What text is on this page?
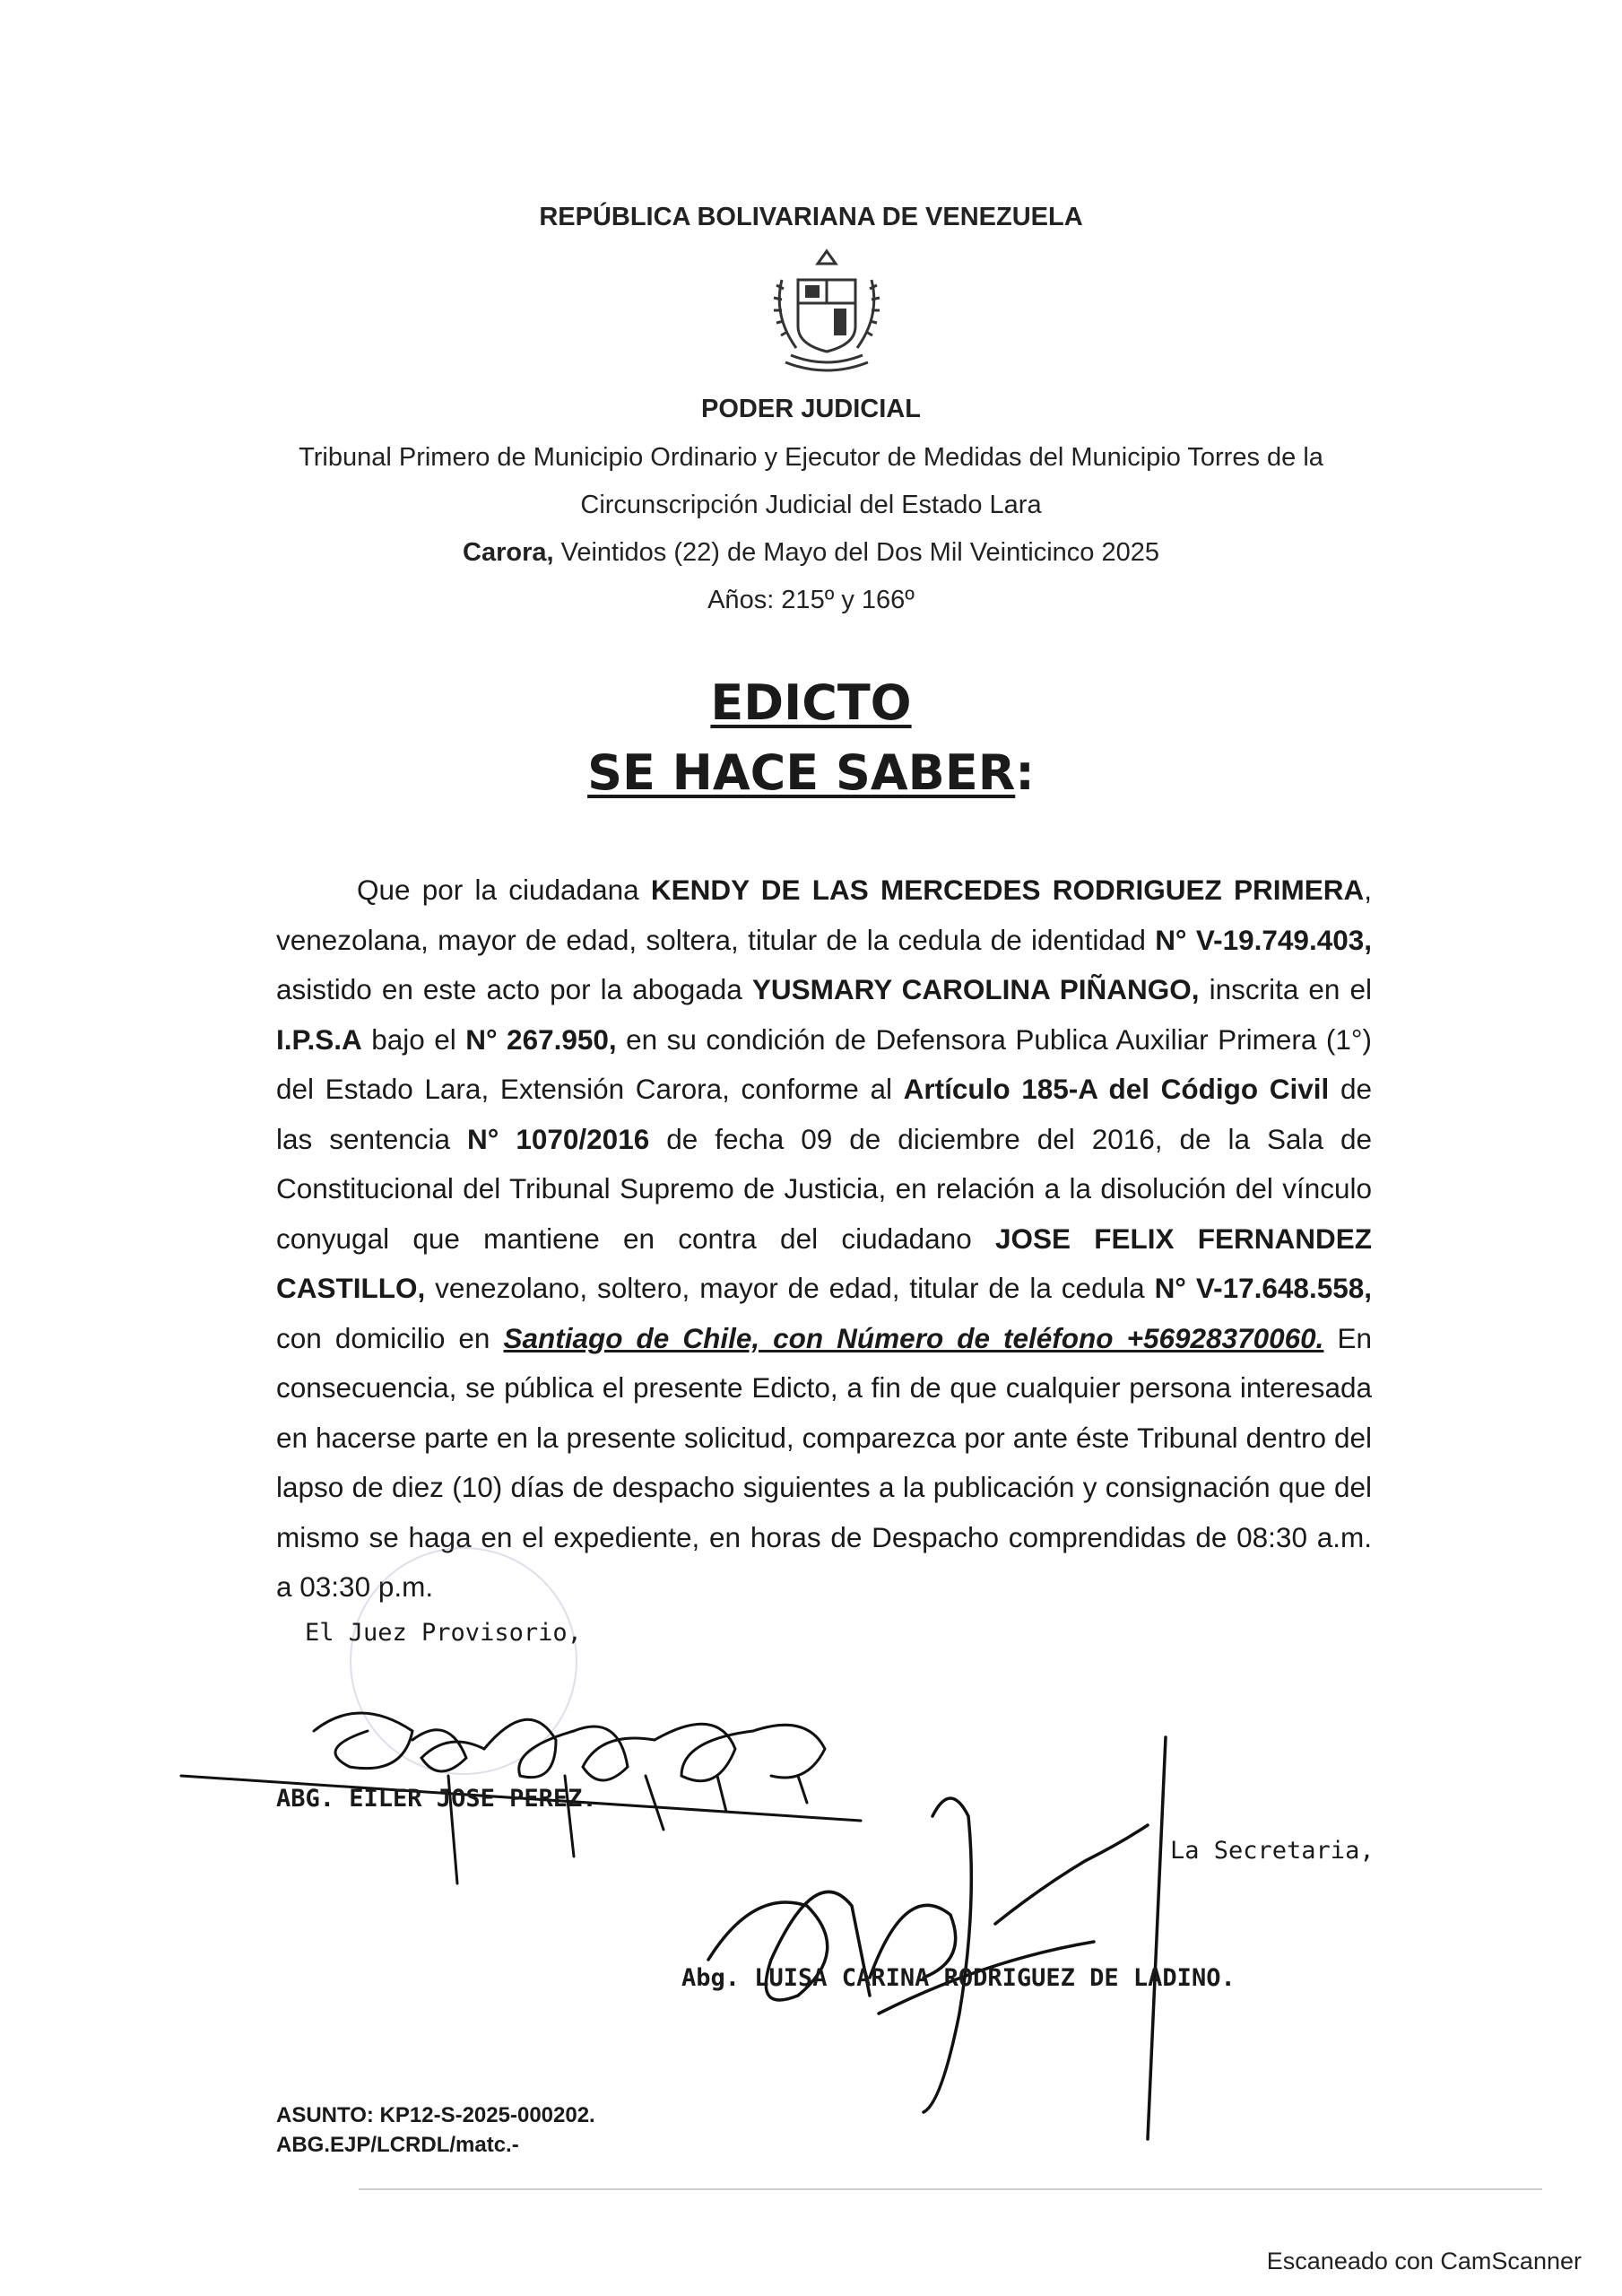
REPÚBLICA BOLIVARIANA DE VENEZUELA
PODER JUDICIAL
Tribunal Primero de Municipio Ordinario y Ejecutor de Medidas del Municipio Torres de la
Circunscripción Judicial del Estado Lara
Carora, Veintidos (22) de Mayo del Dos Mil Veinticinco 2025
Años: 215º y 166º
EDICTO
SE HACE SABER:
Que por la ciudadana KENDY DE LAS MERCEDES RODRIGUEZ PRIMERA, venezolana, mayor de edad, soltera, titular de la cedula de identidad N° V-19.749.403, asistido en este acto por la abogada YUSMARY CAROLINA PIÑANGO, inscrita en el I.P.S.A bajo el N° 267.950, en su condición de Defensora Publica Auxiliar Primera (1°) del Estado Lara, Extensión Carora, conforme al Artículo 185-A del Código Civil de las sentencia N° 1070/2016 de fecha 09 de diciembre del 2016, de la Sala de Constitucional del Tribunal Supremo de Justicia, en relación a la disolución del vínculo conyugal que mantiene en contra del ciudadano JOSE FELIX FERNANDEZ CASTILLO, venezolano, soltero, mayor de edad, titular de la cedula N° V-17.648.558, con domicilio en Santiago de Chile, con Número de teléfono +56928370060. En consecuencia, se pública el presente Edicto, a fin de que cualquier persona interesada en hacerse parte en la presente solicitud, comparezca por ante éste Tribunal dentro del lapso de diez (10) días de despacho siguientes a la publicación y consignación que del mismo se haga en el expediente, en horas de Despacho comprendidas de 08:30 a.m. a 03:30 p.m.
El Juez Provisorio,
ABG. EILER JOSE PEREZ.
La Secretaria,
Abg. LUISA CARINA RODRIGUEZ DE LADINO.
ASUNTO: KP12-S-2025-000202.
ABG.EJP/LCRDL/matc.-
Escaneado con CamScanner
